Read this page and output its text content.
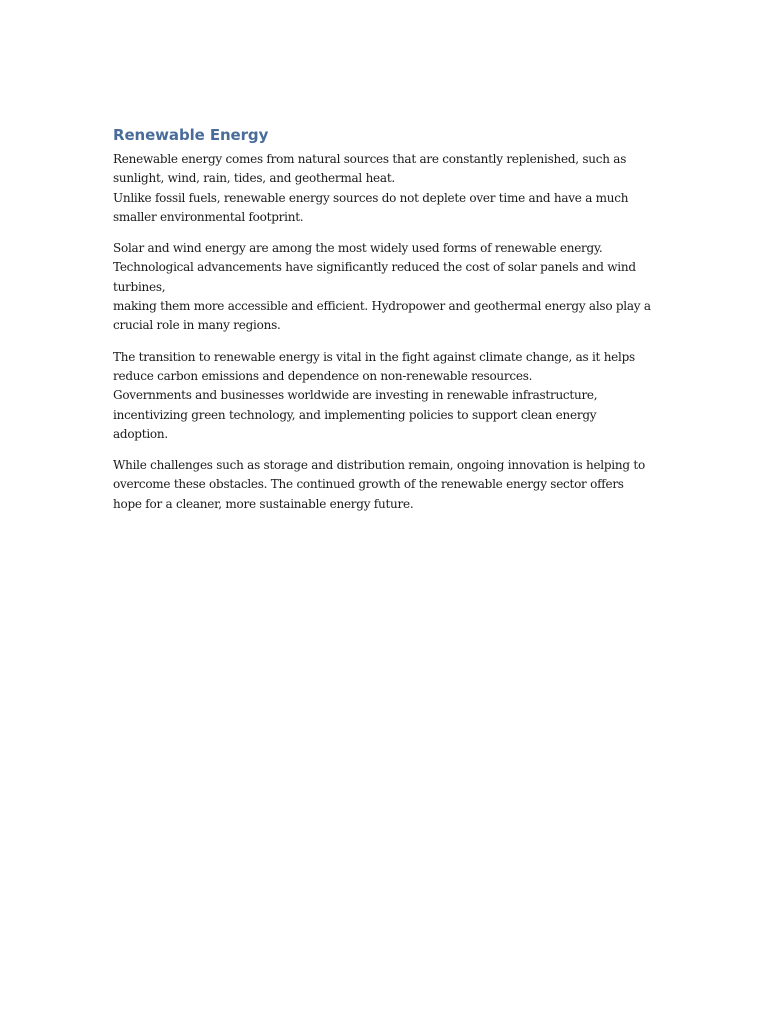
Renewable Energy

Renewable energy comes from natural sources that are constantly replenished, such as
sunlight, wind, rain, tides, and geothermal heat.
Unlike fossil fuels, renewable energy sources do not deplete over time and have a much
smaller environmental footprint.

Solar and wind energy are among the most widely used forms of renewable energy.
Technological advancements have significantly reduced the cost of solar panels and wind
turbines,
making them more accessible and efficient. Hydropower and geothermal energy also play a
crucial role in many regions.

The transition to renewable energy is vital in the fight against climate change, as it helps
reduce carbon emissions and dependence on non-renewable resources.
Governments and businesses worldwide are investing in renewable infrastructure,
incentivizing green technology, and implementing policies to support clean energy
adoption.

While challenges such as storage and distribution remain, ongoing innovation is helping to
overcome these obstacles. The continued growth of the renewable energy sector offers
hope for a cleaner, more sustainable energy future.
